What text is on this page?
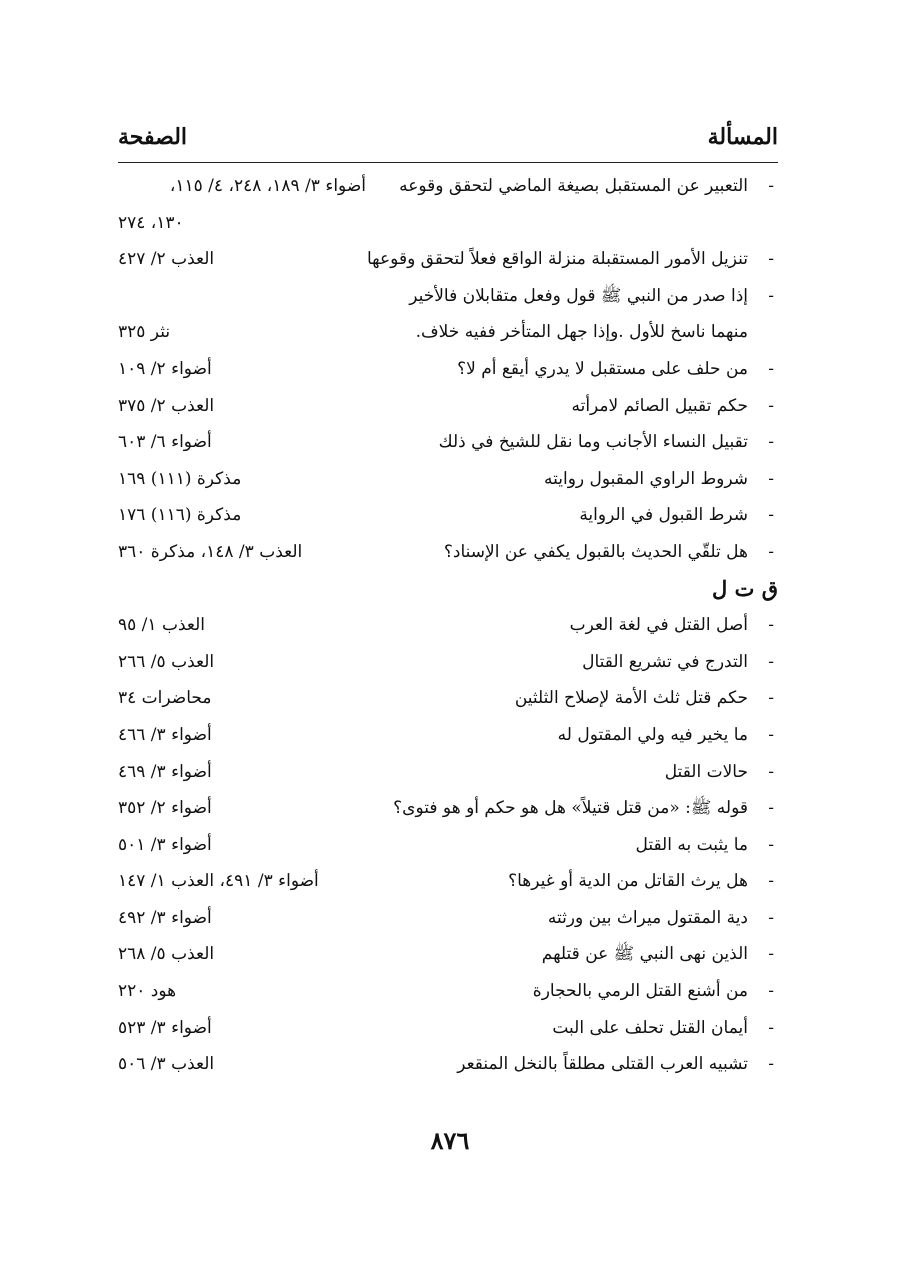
المسألة
الصفحة
-
التعبير عن المستقبل بصيغة الماضي لتحقق وقوعه
أضواء ٣/ ١٨٩، ٢٤٨، ٤/ ١١٥،
١٣٠، ٢٧٤
-
تنزيل الأمور المستقبلة منزلة الواقع فعلاً لتحقق وقوعها
العذب ٢/ ٤٢٧
-
إذا صدر من النبي ﷺ قول وفعل متقابلان فالأخير
منهما ناسخ للأول .وإذا جهل المتأخر ففيه خلاف.
نثر ٣٢٥
-
من حلف على مستقبل لا يدري أيقع أم لا؟
أضواء ٢/ ١٠٩
-
حكم تقبيل الصائم لامرأته
العذب ٢/ ٣٧٥
-
تقبيل النساء الأجانب وما نقل للشيخ في ذلك
أضواء ٦/ ٦٠٣
-
شروط الراوي المقبول روايته
مذكرة (١١١) ١٦٩
-
شرط القبول في الرواية
مذكرة (١١٦) ١٧٦
-
هل تلقّي الحديث بالقبول يكفي عن الإسناد؟
العذب ٣/ ١٤٨، مذكرة ٣٦٠
ق ت ل
-
أصل القتل في لغة العرب
العذب ١/ ٩٥
-
التدرج في تشريع القتال
العذب ٥/ ٢٦٦
-
حكم قتل ثلث الأمة لإصلاح الثلثين
محاضرات ٣٤
-
ما يخير فيه ولي المقتول له
أضواء ٣/ ٤٦٦
-
حالات القتل
أضواء ٣/ ٤٦٩
-
قوله ﷺ: «من قتل قتيلاً» هل هو حكم أو هو فتوى؟
أضواء ٢/ ٣٥٢
-
ما يثبت به القتل
أضواء ٣/ ٥٠١
-
هل يرث القاتل من الدية أو غيرها؟
أضواء ٣/ ٤٩١، العذب ١/ ١٤٧
-
دية المقتول ميراث بين ورثته
أضواء ٣/ ٤٩٢
-
الذين نهى النبي ﷺ عن قتلهم
العذب ٥/ ٢٦٨
-
من أشنع القتل الرمي بالحجارة
هود ٢٢٠
-
أيمان القتل تحلف على البت
أضواء ٣/ ٥٢٣
-
تشبيه العرب القتلى مطلقاً بالنخل المنقعر
العذب ٣/ ٥٠٦
٨٧٦
